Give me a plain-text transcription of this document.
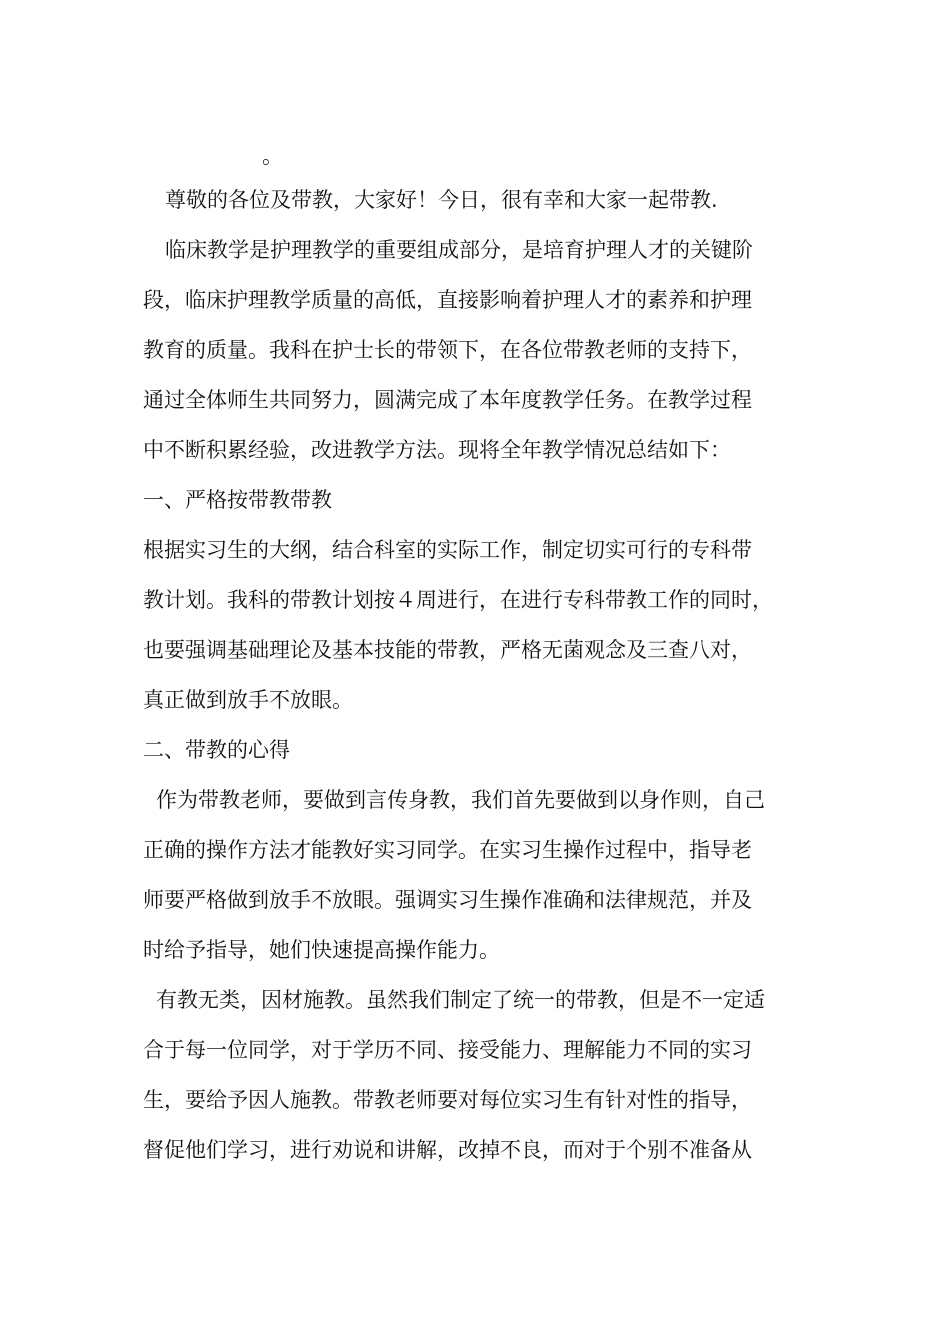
。
尊敬的各位及带教，大家好！今日，很有幸和大家一起带教.
临床教学是护理教学的重要组成部分，是培育护理人才的关键阶
段，临床护理教学质量的高低，直接影响着护理人才的素养和护理
教育的质量。我科在护士长的带领下，在各位带教老师的支持下，
通过全体师生共同努力，圆满完成了本年度教学任务。在教学过程
中不断积累经验，改进教学方法。现将全年教学情况总结如下：
一、严格按带教带教
根据实习生的大纲，结合科室的实际工作，制定切实可行的专科带
教计划。我科的带教计划按４周进行，在进行专科带教工作的同时，
也要强调基础理论及基本技能的带教，严格无菌观念及三查八对，
真正做到放手不放眼。
二、带教的心得
作为带教老师，要做到言传身教，我们首先要做到以身作则，自己
正确的操作方法才能教好实习同学。在实习生操作过程中，指导老
师要严格做到放手不放眼。强调实习生操作准确和法律规范，并及
时给予指导，她们快速提高操作能力。
有教无类，因材施教。虽然我们制定了统一的带教，但是不一定适
合于每一位同学，对于学历不同、接受能力、理解能力不同的实习
生，要给予因人施教。带教老师要对每位实习生有针对性的指导，
督促他们学习，进行劝说和讲解，改掉不良，而对于个别不准备从
